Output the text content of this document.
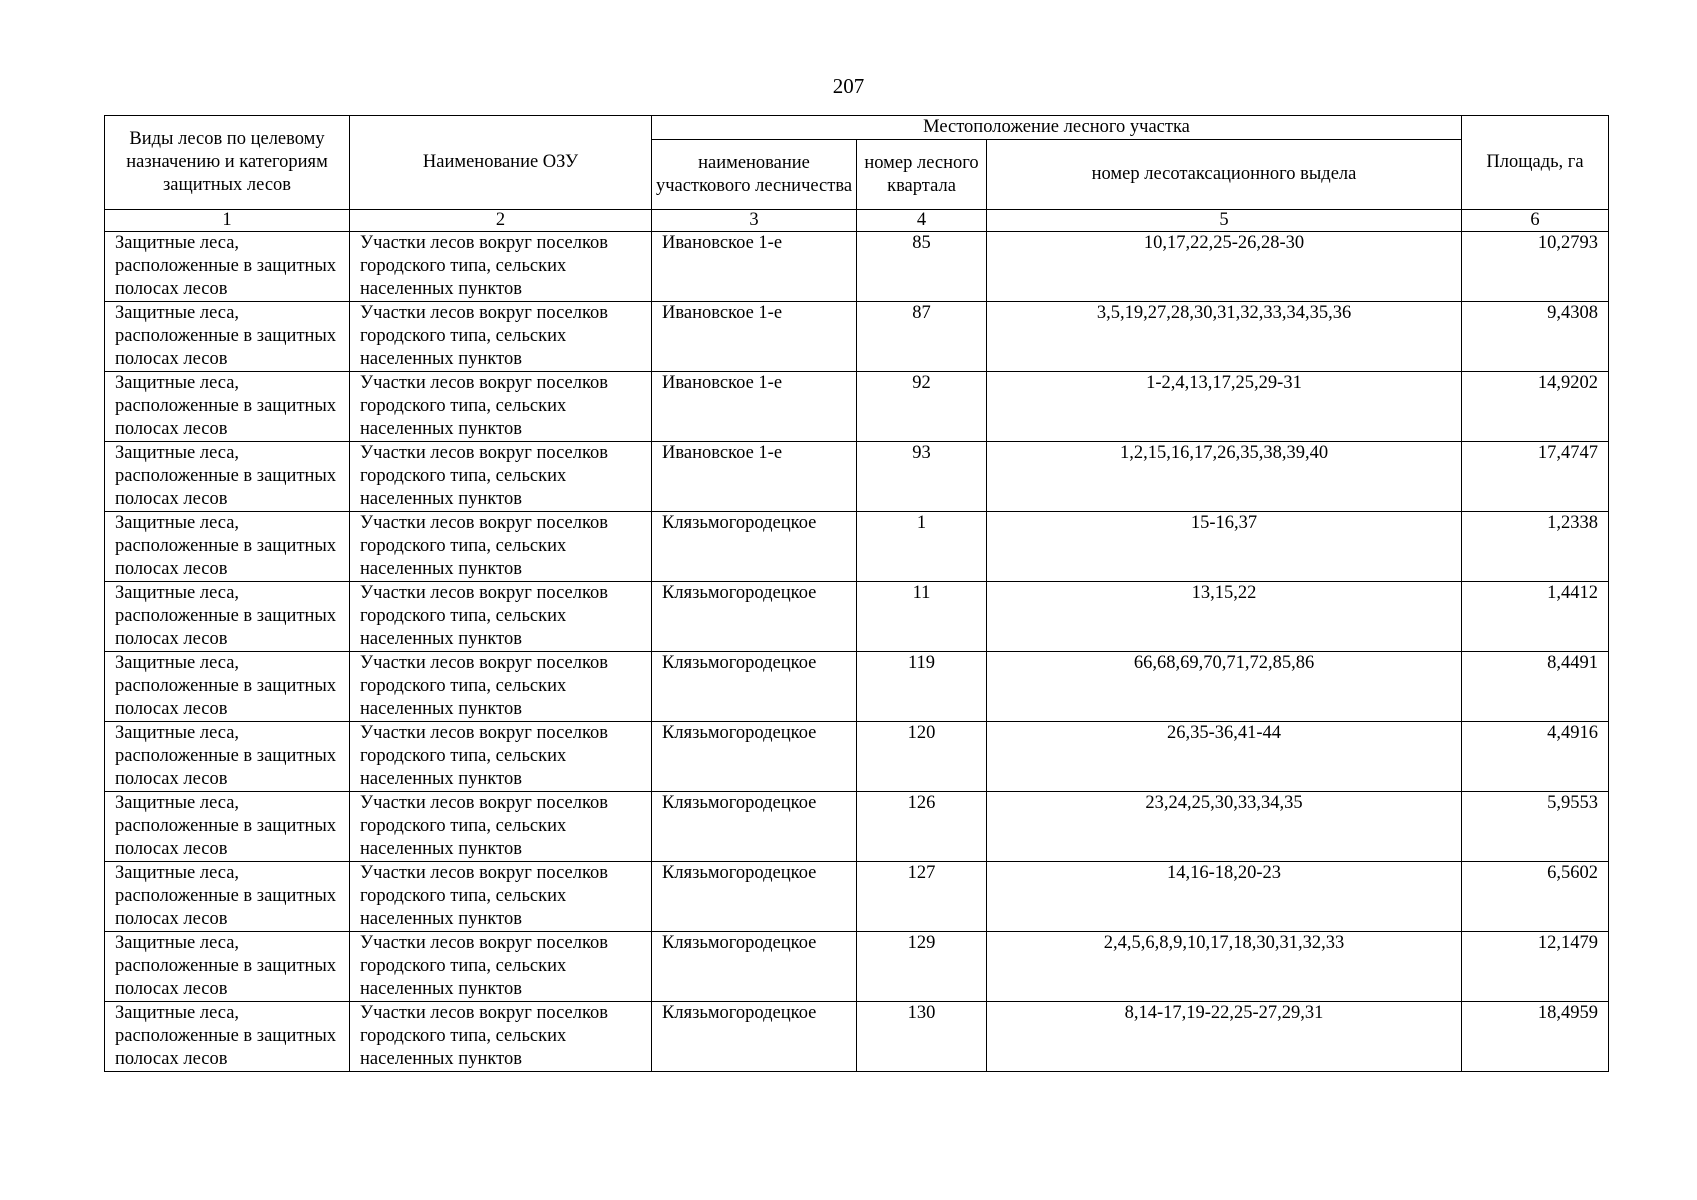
207
Виды лесов по целевому назначению и категориям защитных лесов	Наименование ОЗУ	Местоположение лесного участка			Площадь, га
		наименование участкового лесничества	номер лесного квартала	номер лесотаксационного выдела	
1	2	3	4	5	6
Защитные леса, расположенные в защитных полосах лесов	Участки лесов вокруг поселков городского типа, сельских населенных пунктов	Ивановское 1-е	85	10,17,22,25-26,28-30	10,2793
Защитные леса, расположенные в защитных полосах лесов	Участки лесов вокруг поселков городского типа, сельских населенных пунктов	Ивановское 1-е	87	3,5,19,27,28,30,31,32,33,34,35,36	9,4308
Защитные леса, расположенные в защитных полосах лесов	Участки лесов вокруг поселков городского типа, сельских населенных пунктов	Ивановское 1-е	92	1-2,4,13,17,25,29-31	14,9202
Защитные леса, расположенные в защитных полосах лесов	Участки лесов вокруг поселков городского типа, сельских населенных пунктов	Ивановское 1-е	93	1,2,15,16,17,26,35,38,39,40	17,4747
Защитные леса, расположенные в защитных полосах лесов	Участки лесов вокруг поселков городского типа, сельских населенных пунктов	Клязьмогородецкое	1	15-16,37	1,2338
Защитные леса, расположенные в защитных полосах лесов	Участки лесов вокруг поселков городского типа, сельских населенных пунктов	Клязьмогородецкое	11	13,15,22	1,4412
Защитные леса, расположенные в защитных полосах лесов	Участки лесов вокруг поселков городского типа, сельских населенных пунктов	Клязьмогородецкое	119	66,68,69,70,71,72,85,86	8,4491
Защитные леса, расположенные в защитных полосах лесов	Участки лесов вокруг поселков городского типа, сельских населенных пунктов	Клязьмогородецкое	120	26,35-36,41-44	4,4916
Защитные леса, расположенные в защитных полосах лесов	Участки лесов вокруг поселков городского типа, сельских населенных пунктов	Клязьмогородецкое	126	23,24,25,30,33,34,35	5,9553
Защитные леса, расположенные в защитных полосах лесов	Участки лесов вокруг поселков городского типа, сельских населенных пунктов	Клязьмогородецкое	127	14,16-18,20-23	6,5602
Защитные леса, расположенные в защитных полосах лесов	Участки лесов вокруг поселков городского типа, сельских населенных пунктов	Клязьмогородецкое	129	2,4,5,6,8,9,10,17,18,30,31,32,33	12,1479
Защитные леса, расположенные в защитных полосах лесов	Участки лесов вокруг поселков городского типа, сельских населенных пунктов	Клязьмогородецкое	130	8,14-17,19-22,25-27,29,31	18,4959
